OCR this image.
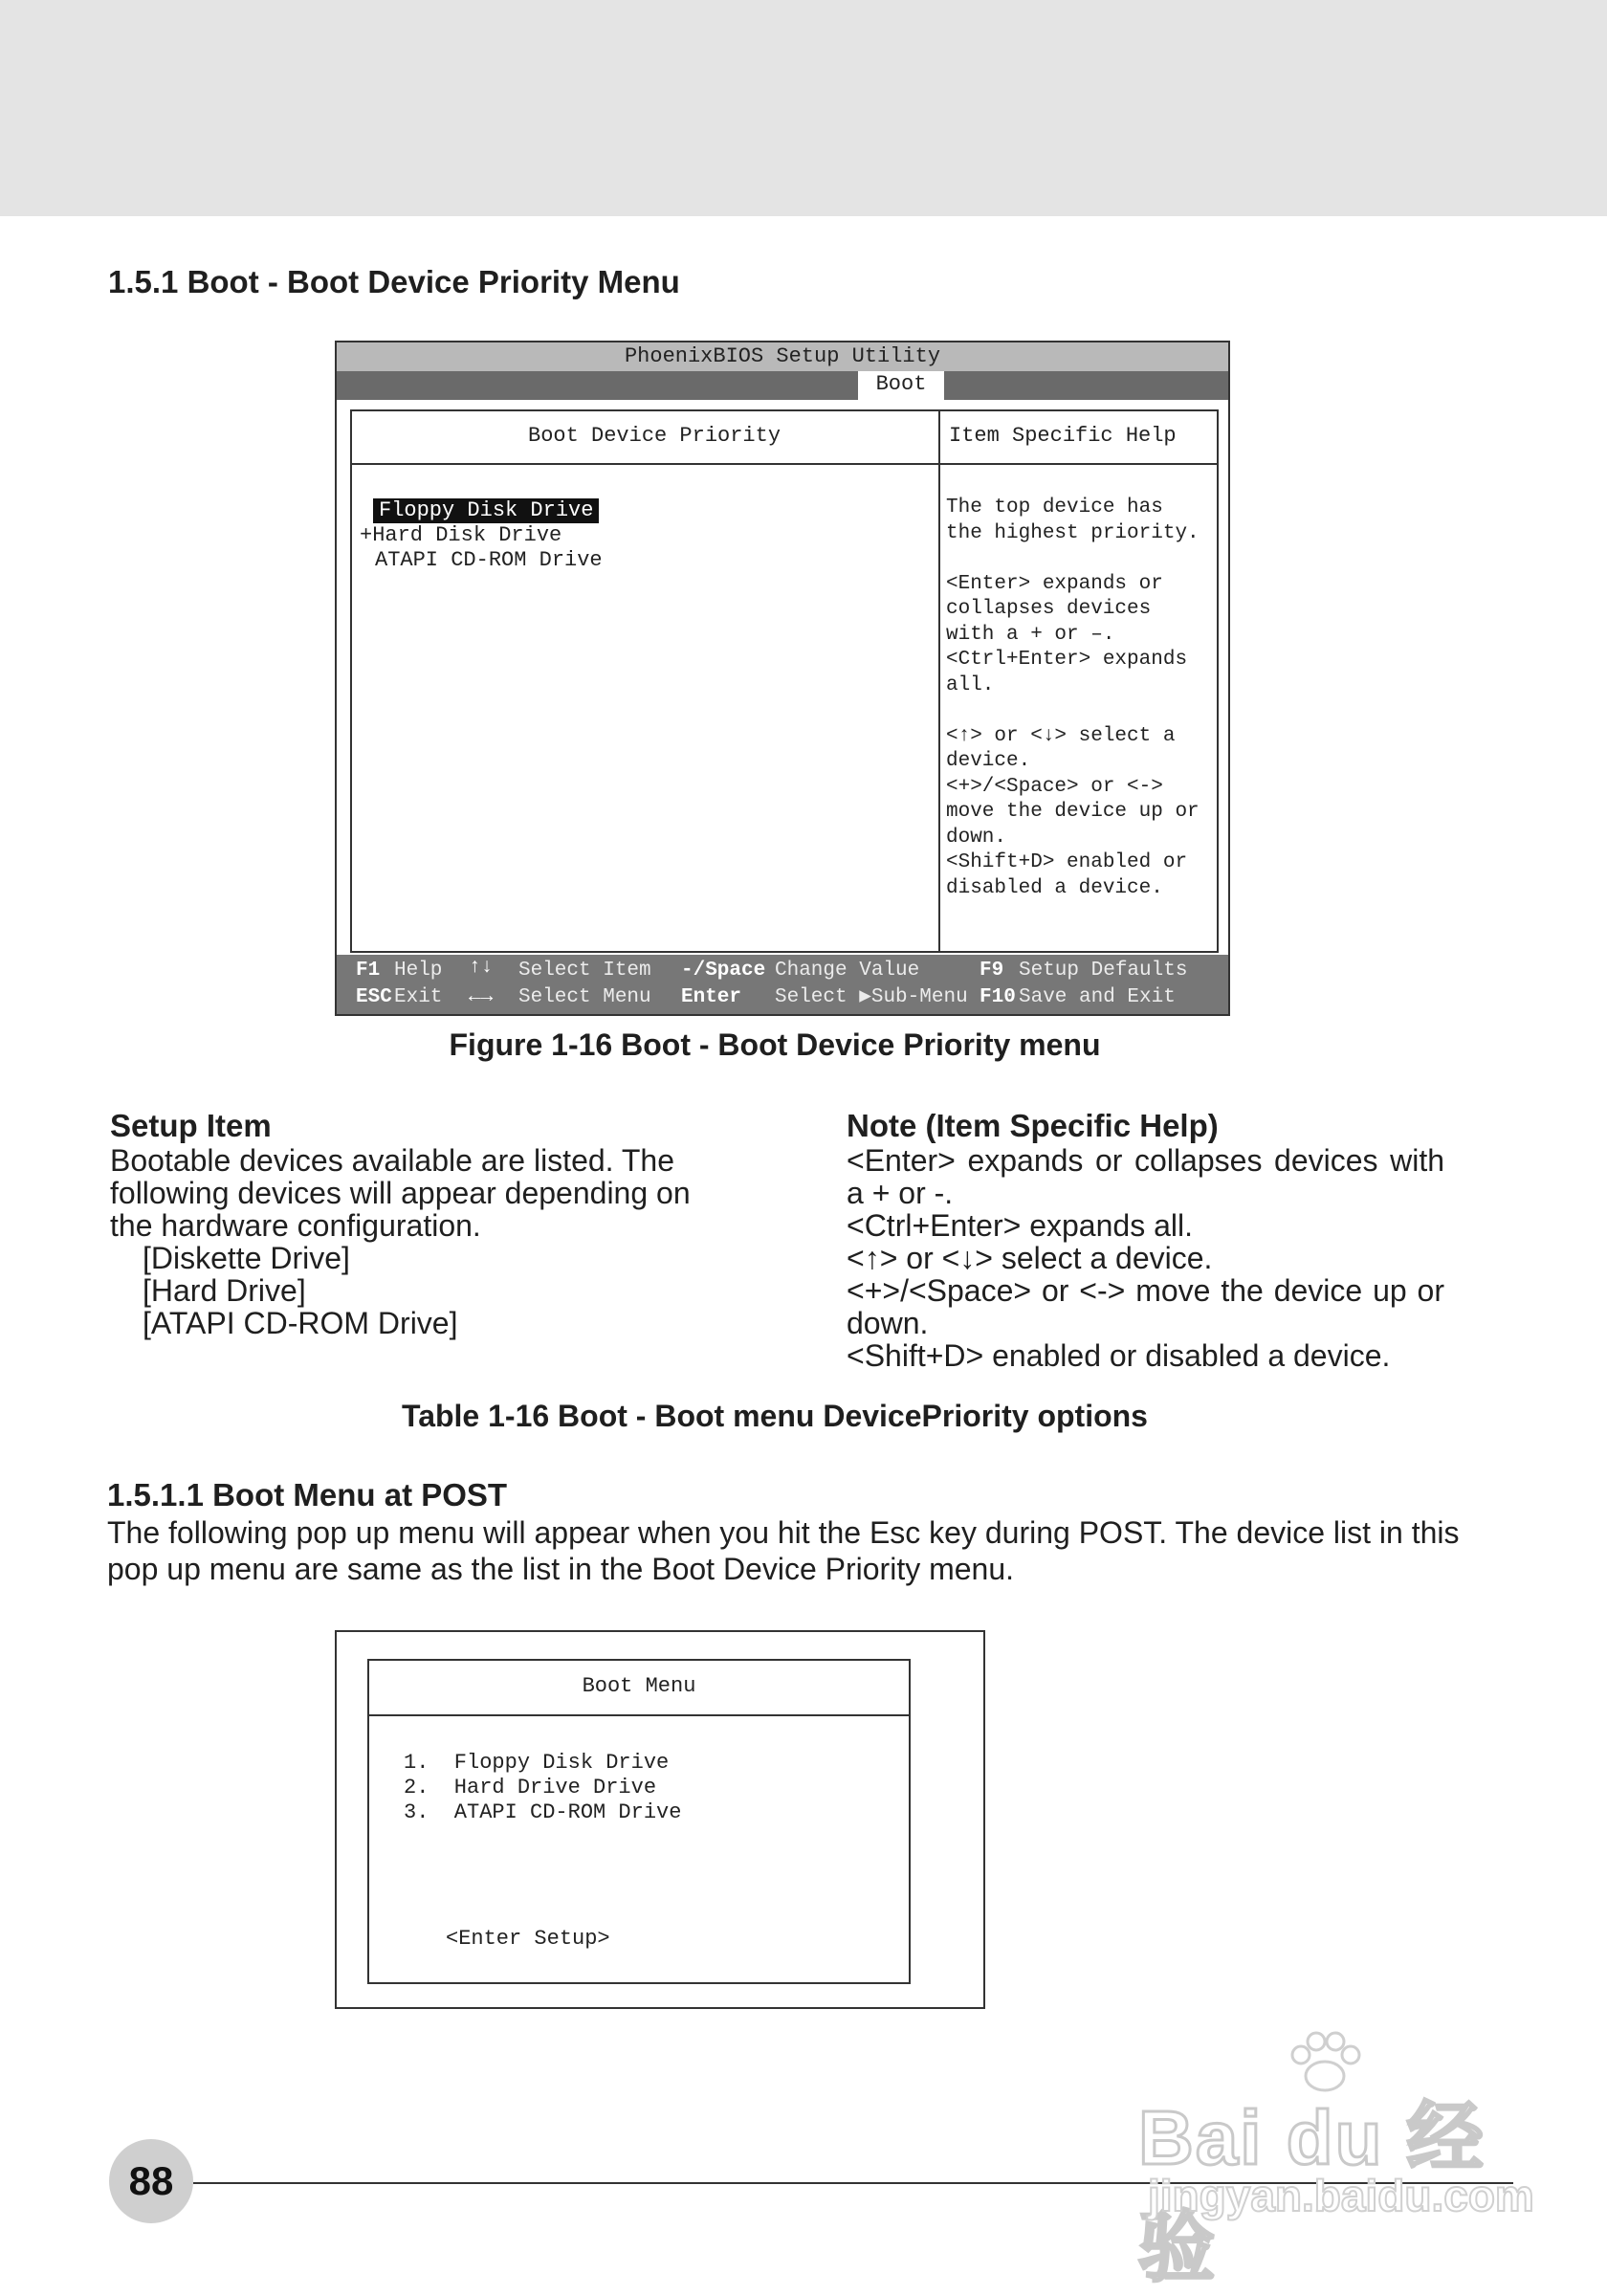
1.5.1 Boot - Boot Device Priority Menu
PhoenixBIOS Setup Utility
Boot
Boot Device Priority	Item Specific Help
Floppy Disk Drive
+Hard Disk Drive
ATAPI CD-ROM Drive
The top device has
the highest priority.

<Enter> expands or
collapses devices
with a + or –.
<Ctrl+Enter> expands
all.

<↑> or <↓> select a
device.
<+>/<Space> or <->
move the device up or
down.
<Shift+D> enabled or
disabled a device.
F1 Help ↑↓ Select Item -/Space Change Value	F9 Setup Defaults
ESC Exit ←→ Select Menu Enter Select ▶Sub-Menu F10 Save and Exit
Figure 1-16 Boot - Boot Device Priority menu
Setup Item
Bootable devices available are listed. The
following devices will appear depending on
the hardware configuration.
[Diskette Drive]
[Hard Drive]
[ATAPI CD-ROM Drive]
Note (Item Specific Help)
<Enter> expands or collapses devices with
a + or -.
<Ctrl+Enter> expands all.
<↑> or <↓> select a device.
<+>/<Space> or <-> move the device up or
down.
<Shift+D> enabled or disabled a device.
Table 1-16 Boot - Boot menu DevicePriority options
1.5.1.1 Boot Menu at POST
The following pop up menu will appear when you hit the Esc key during POST. The device list in this
pop up menu are same as the list in the Boot Device Priority menu.
Boot Menu
1.  Floppy Disk Drive
2.  Hard Drive Drive
3.  ATAPI CD-ROM Drive
<Enter Setup>
88
Bai du 经验
jingyan.baidu.com
